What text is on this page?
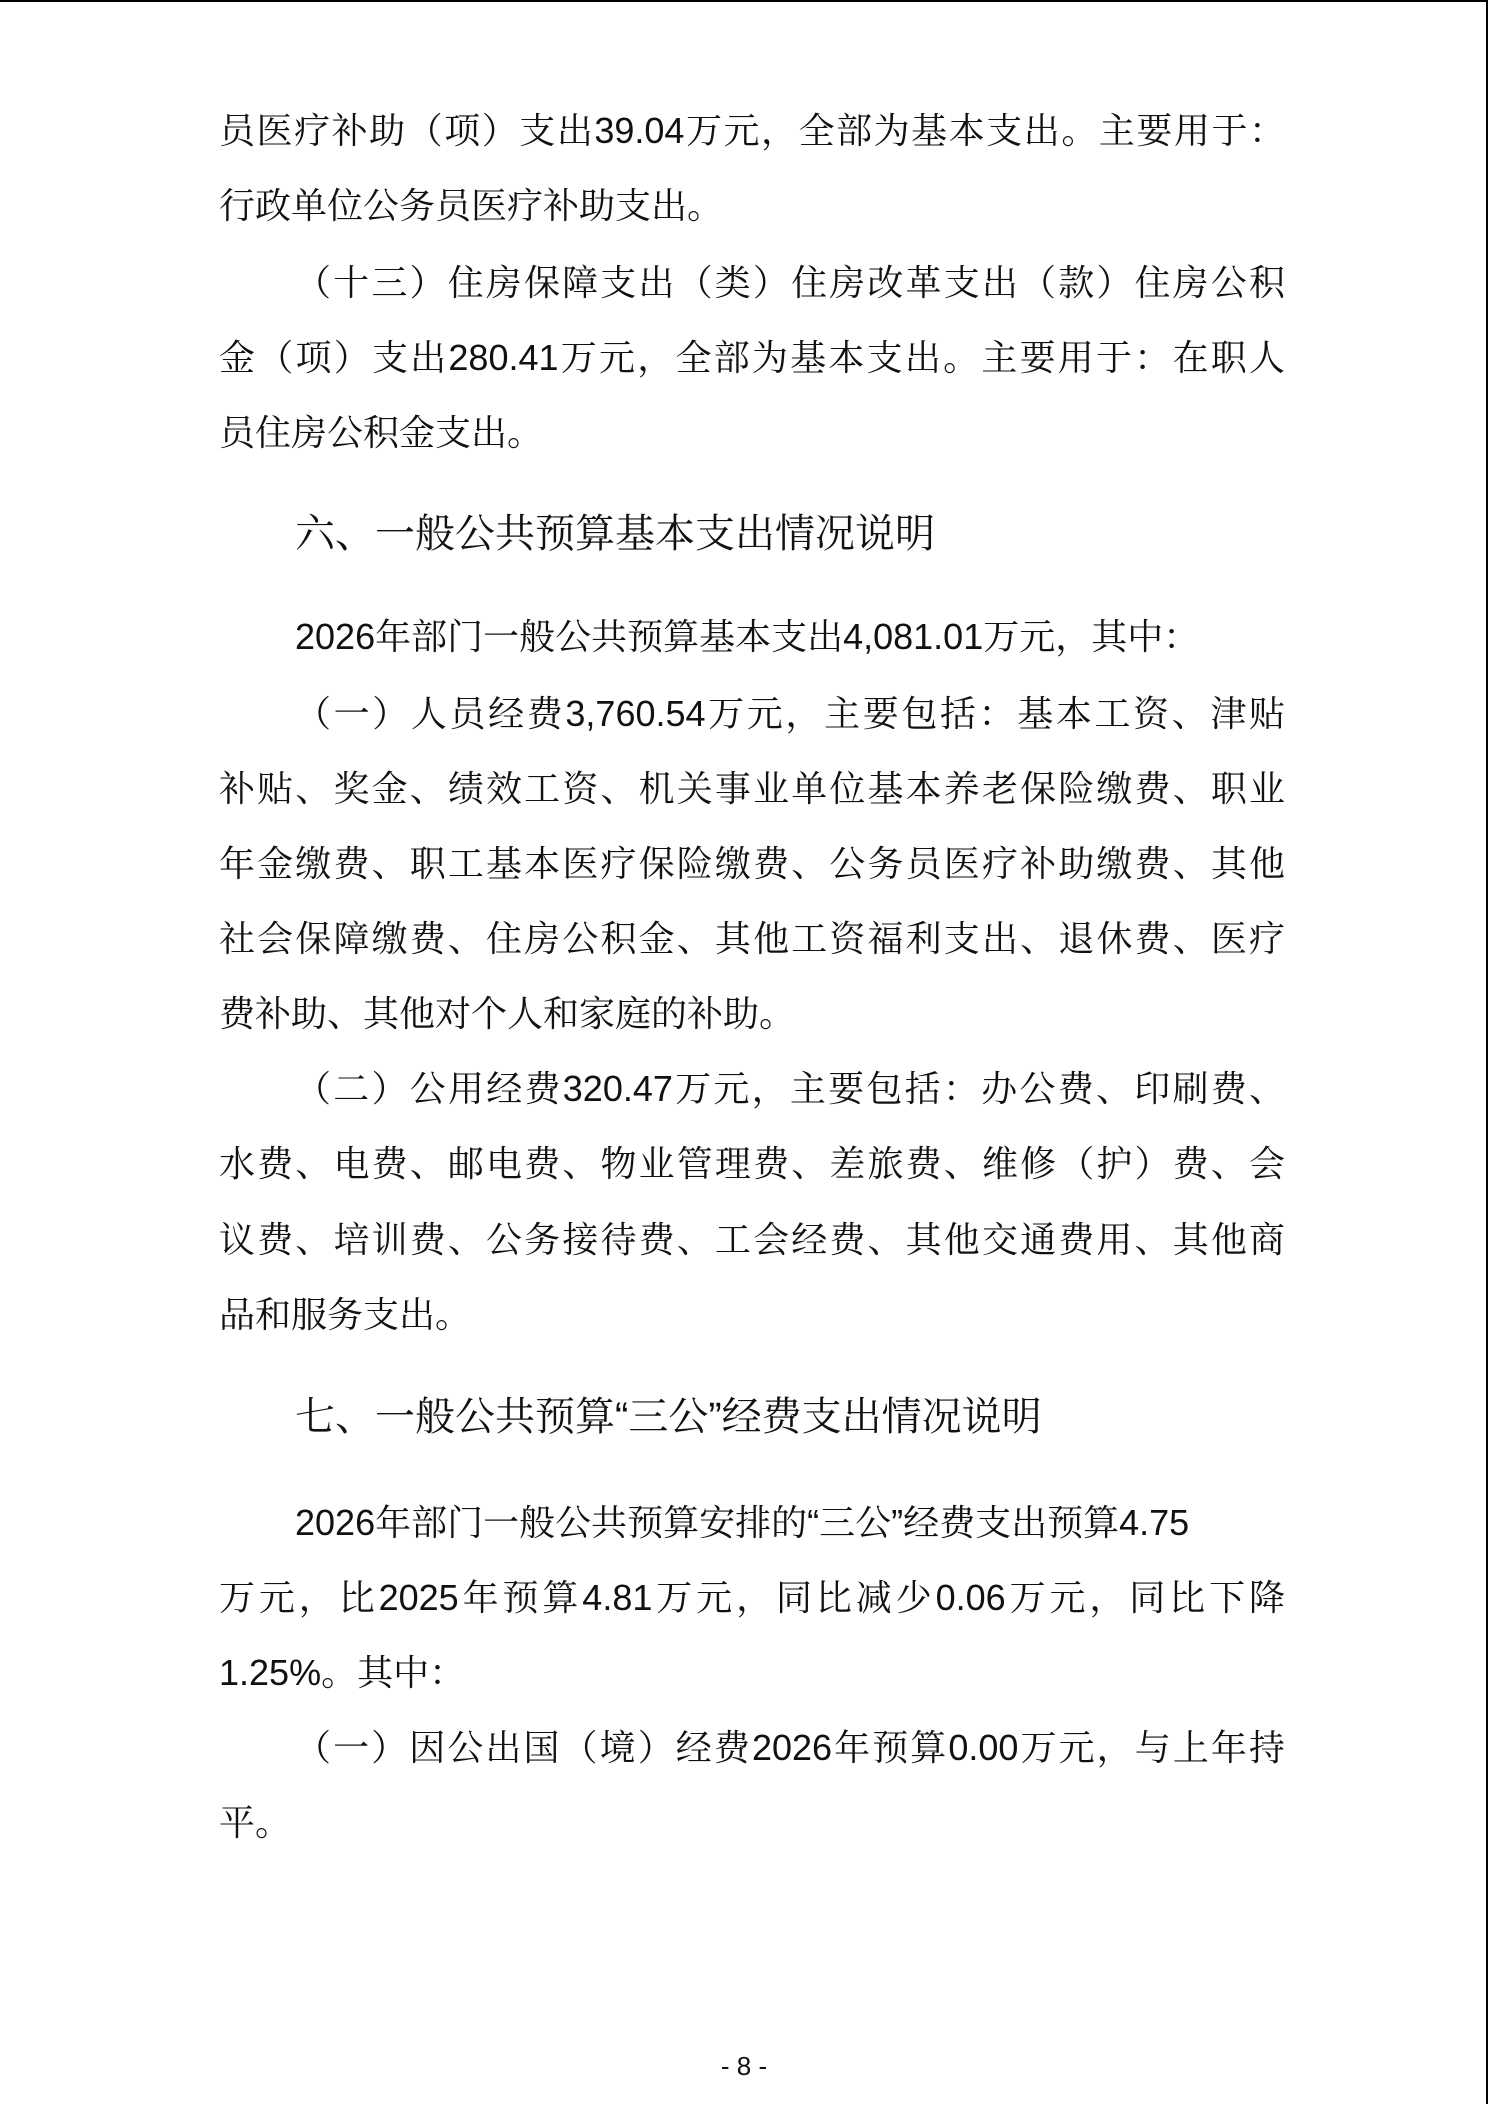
员医疗补助（项）支出39.04万元，全部为基本支出。主要用于：
行政单位公务员医疗补助支出。
（十三）住房保障支出（类）住房改革支出（款）住房公积
金（项）支出280.41万元，全部为基本支出。主要用于：在职人
员住房公积金支出。
六、一般公共预算基本支出情况说明
2026年部门一般公共预算基本支出4,081.01万元，其中：
（一）人员经费3,760.54万元，主要包括：基本工资、津贴
补贴、奖金、绩效工资、机关事业单位基本养老保险缴费、职业
年金缴费、职工基本医疗保险缴费、公务员医疗补助缴费、其他
社会保障缴费、住房公积金、其他工资福利支出、退休费、医疗
费补助、其他对个人和家庭的补助。
（二）公用经费320.47万元，主要包括：办公费、印刷费、
水费、电费、邮电费、物业管理费、差旅费、维修（护）费、会
议费、培训费、公务接待费、工会经费、其他交通费用、其他商
品和服务支出。
七、一般公共预算“三公”经费支出情况说明
2026年部门一般公共预算安排的“三公”经费支出预算4.75
万元，比2025年预算4.81万元，同比减少0.06万元，同比下降
1.25%。其中：
（一）因公出国（境）经费2026年预算0.00万元，与上年持
平。
- 8 -
